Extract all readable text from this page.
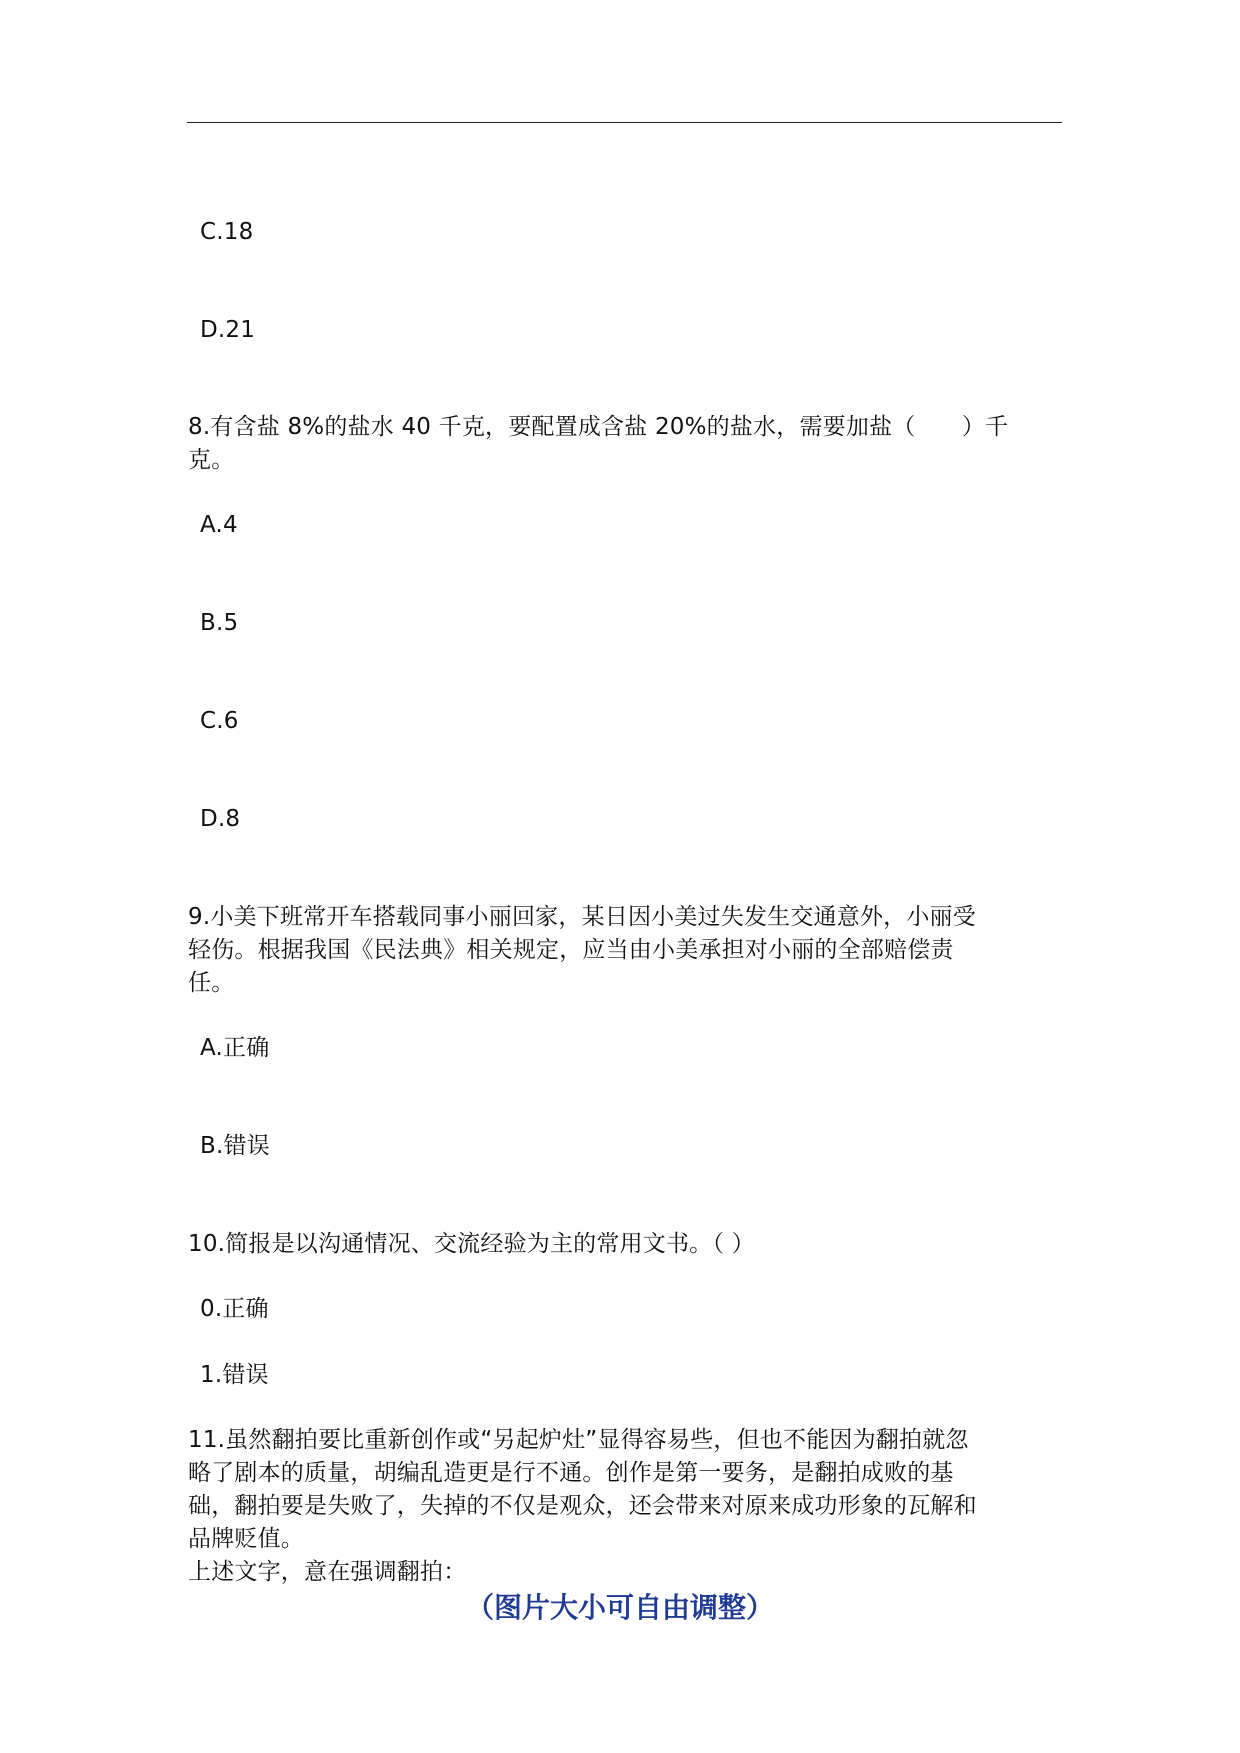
C.18

D.21

8.有含盐 8%的盐水 40 千克，要配置成含盐 20%的盐水，需要加盐（　　）千

克。

A.4

B.5

C.6

D.8

9.小美下班常开车搭载同事小丽回家，某日因小美过失发生交通意外，小丽受

轻伤。根据我国《民法典》相关规定，应当由小美承担对小丽的全部赔偿责

任。

A.正确

B.错误

10.简报是以沟通情况、交流经验为主的常用文书。（ ）

0.正确

1.错误

11.虽然翻拍要比重新创作或“另起炉灶”显得容易些，但也不能因为翻拍就忽

略了剧本的质量，胡编乱造更是行不通。创作是第一要务，是翻拍成败的基

础，翻拍要是失败了，失掉的不仅是观众，还会带来对原来成功形象的瓦解和

品牌贬值。

上述文字，意在强调翻拍：

（图片大小可自由调整）
